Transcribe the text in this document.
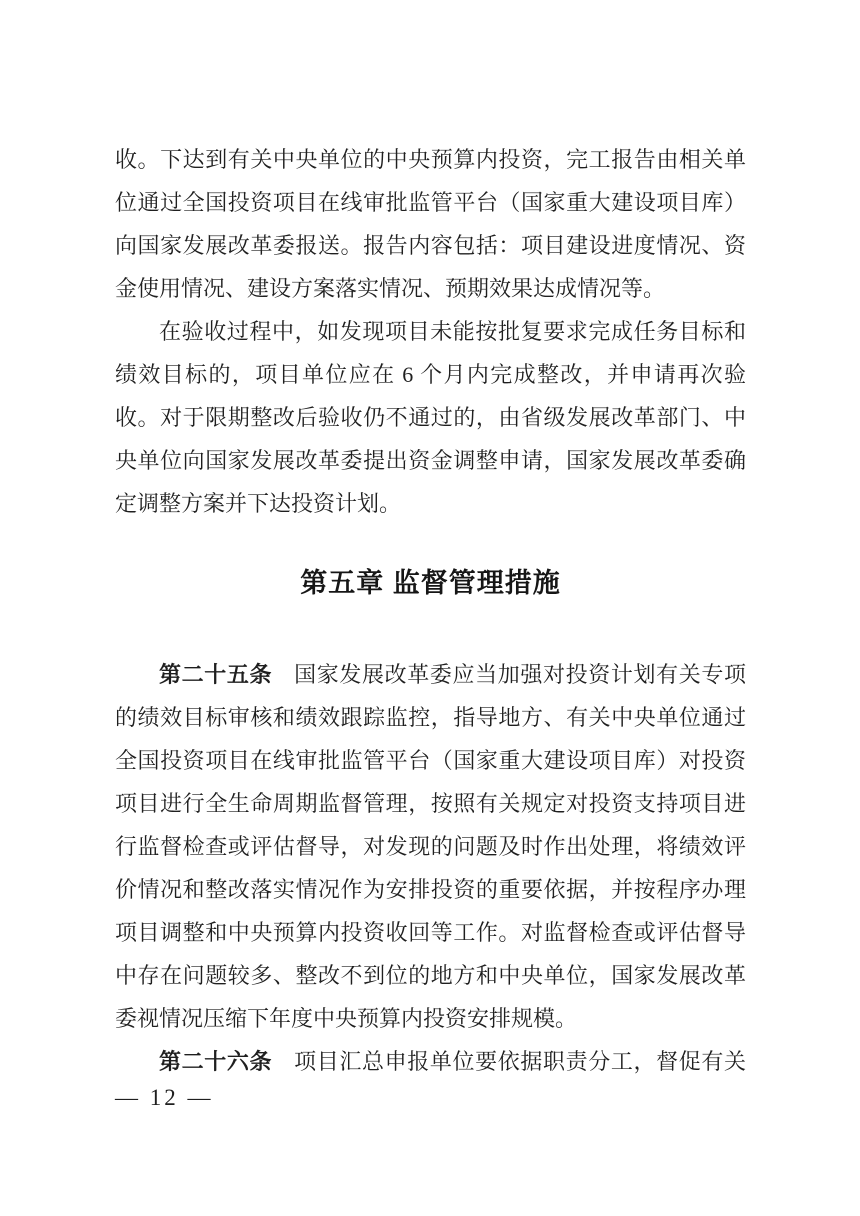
收。下达到有关中央单位的中央预算内投资，完工报告由相关单
位通过全国投资项目在线审批监管平台（国家重大建设项目库）
向国家发展改革委报送。报告内容包括：项目建设进度情况、资
金使用情况、建设方案落实情况、预期效果达成情况等。
在验收过程中，如发现项目未能按批复要求完成任务目标和
绩效目标的，项目单位应在 6 个月内完成整改，并申请再次验
收。对于限期整改后验收仍不通过的，由省级发展改革部门、中
央单位向国家发展改革委提出资金调整申请，国家发展改革委确
定调整方案并下达投资计划。
第五章 监督管理措施
第二十五条 国家发展改革委应当加强对投资计划有关专项
的绩效目标审核和绩效跟踪监控，指导地方、有关中央单位通过
全国投资项目在线审批监管平台（国家重大建设项目库）对投资
项目进行全生命周期监督管理，按照有关规定对投资支持项目进
行监督检查或评估督导，对发现的问题及时作出处理，将绩效评
价情况和整改落实情况作为安排投资的重要依据，并按程序办理
项目调整和中央预算内投资收回等工作。对监督检查或评估督导
中存在问题较多、整改不到位的地方和中央单位，国家发展改革
委视情况压缩下年度中央预算内投资安排规模。
第二十六条 项目汇总申报单位要依据职责分工，督促有关
— 12 —
